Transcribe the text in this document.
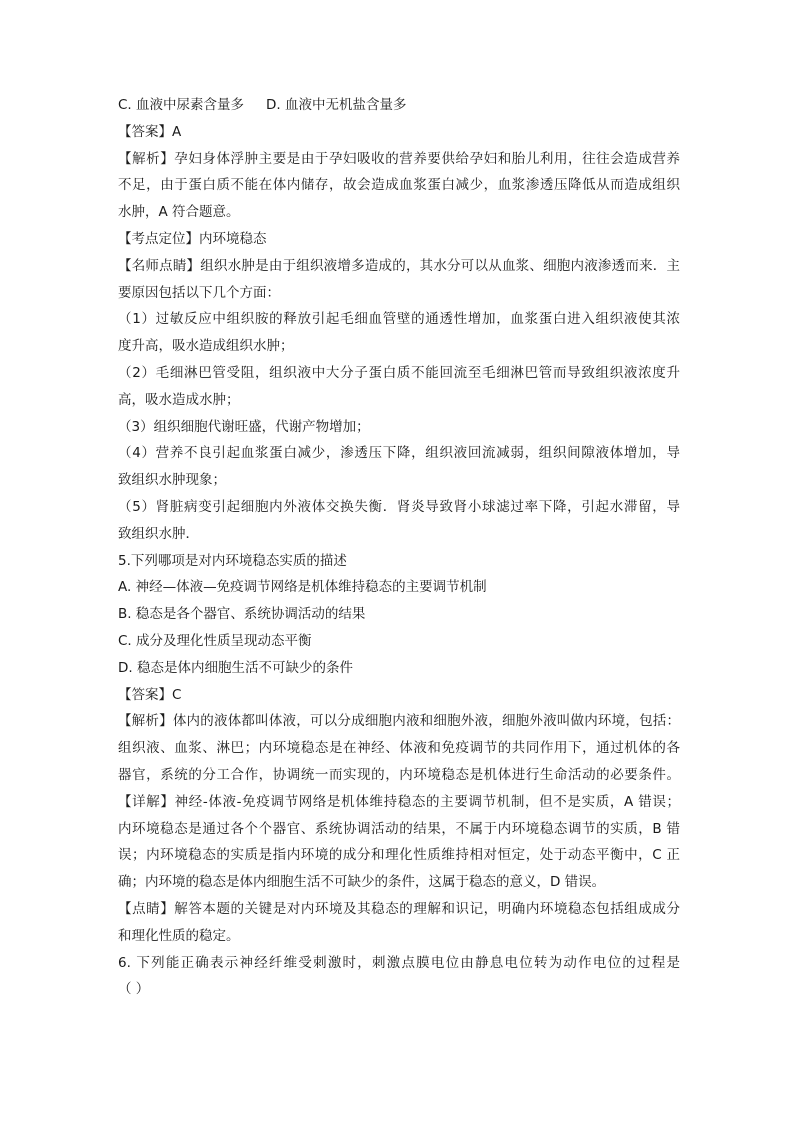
C. 血液中尿素含量多 D. 血液中无机盐含量多
【答案】A
【解析】孕妇身体浮肿主要是由于孕妇吸收的营养要供给孕妇和胎儿利用，往往会造成营养
不足，由于蛋白质不能在体内储存，故会造成血浆蛋白减少，血浆渗透压降低从而造成组织
水肿，A 符合题意。
【考点定位】内环境稳态
【名师点睛】组织水肿是由于组织液增多造成的，其水分可以从血浆、细胞内液渗透而来．主
要原因包括以下几个方面：
（1）过敏反应中组织胺的释放引起毛细血管壁的通透性增加，血浆蛋白进入组织液使其浓
度升高，吸水造成组织水肿；
（2）毛细淋巴管受阻，组织液中大分子蛋白质不能回流至毛细淋巴管而导致组织液浓度升
高，吸水造成水肿；
（3）组织细胞代谢旺盛，代谢产物增加；
（4）营养不良引起血浆蛋白减少，渗透压下降，组织液回流减弱，组织间隙液体增加，导
致组织水肿现象；
（5）肾脏病变引起细胞内外液体交换失衡．肾炎导致肾小球滤过率下降，引起水滞留，导
致组织水肿．
5.下列哪项是对内环境稳态实质的描述
A. 神经—体液—免疫调节网络是机体维持稳态的主要调节机制
B. 稳态是各个器官、系统协调活动的结果
C. 成分及理化性质呈现动态平衡
D. 稳态是体内细胞生活不可缺少的条件
【答案】C
【解析】体内的液体都叫体液，可以分成细胞内液和细胞外液，细胞外液叫做内环境，包括：
组织液、血浆、淋巴；内环境稳态是在神经、体液和免疫调节的共同作用下，通过机体的各
器官，系统的分工合作，协调统一而实现的，内环境稳态是机体进行生命活动的必要条件。
【详解】神经-体液-免疫调节网络是机体维持稳态的主要调节机制，但不是实质，A 错误；
内环境稳态是通过各个个器官、系统协调活动的结果，不属于内环境稳态调节的实质，B 错
误；内环境稳态的实质是指内环境的成分和理化性质维持相对恒定，处于动态平衡中，C 正
确；内环境的稳态是体内细胞生活不可缺少的条件，这属于稳态的意义，D 错误。
【点睛】解答本题的关键是对内环境及其稳态的理解和识记，明确内环境稳态包括组成成分
和理化性质的稳定。
6. 下列能正确表示神经纤维受刺激时，刺激点膜电位由静息电位转为动作电位的过程是
（ ）
